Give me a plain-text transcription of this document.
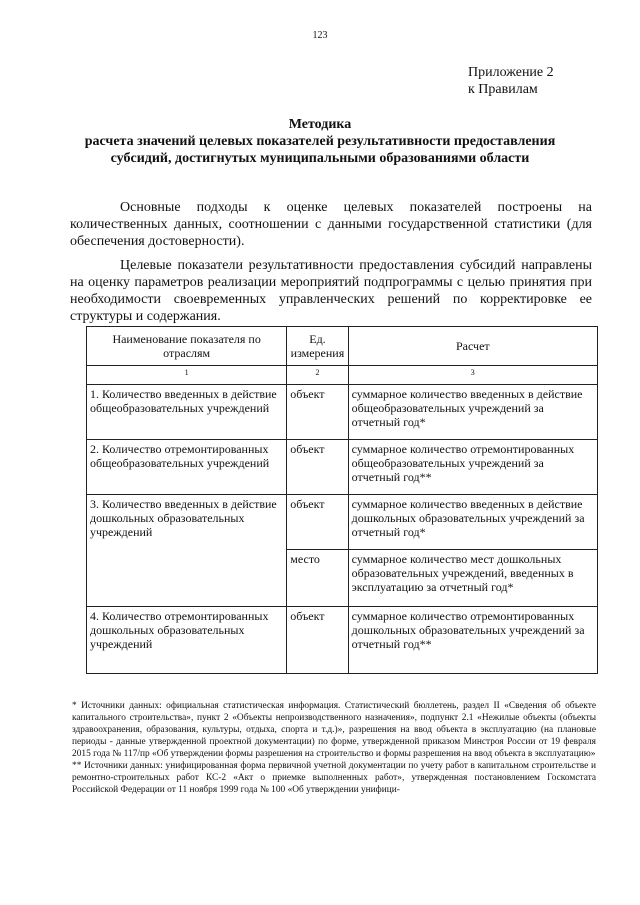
123
Приложение 2
к Правилам
Методика
расчета значений целевых показателей результативности предоставления
субсидий, достигнутых муниципальными образованиями области
Основные подходы к оценке целевых показателей построены на количественных данных, соотношении с данными государственной статистики (для обеспечения достоверности).
Целевые показатели результативности предоставления субсидий направлены на оценку параметров реализации мероприятий подпрограммы с целью принятия при необходимости своевременных управленческих решений по корректировке ее структуры и содержания.
Наименование показателя по отраслям	Ед. измерения	Расчет
1	2	3
1. Количество введенных в действие общеобразовательных учреждений	объект	суммарное количество введенных в действие общеобразовательных учреждений за отчетный год*
2. Количество отремонтированных общеобразовательных учреждений	объект	суммарное количество отремонтированных общеобразовательных учреждений за отчетный год**
3. Количество введенных в действие дошкольных образовательных учреждений	объект	суммарное количество введенных в действие дошкольных образовательных учреждений за отчетный год*
	место	суммарное количество мест дошкольных образовательных учреждений, введенных в эксплуатацию за отчетный год*
4. Количество отремонтированных дошкольных образовательных учреждений	объект	суммарное количество отремонтированных дошкольных образовательных учреждений за отчетный год**

* Источники данных: официальная статистическая информация. Статистический бюллетень, раздел II «Сведения об объекте капитального строительства», пункт 2 «Объекты непроизводственного назначения», подпункт 2.1 «Нежилые объекты (объекты здравоохранения, образования, культуры, отдыха, спорта и т.д.)», разрешения на ввод объекта в эксплуатацию (на плановые периоды - данные утвержденной проектной документации) по форме, утвержденной приказом Минстроя России от 19 февраля 2015 года № 117/пр «Об утверждении формы разрешения на строительство и формы разрешения на ввод объекта в эксплуатацию»

** Источники данных: унифицированная форма первичной учетной документации по учету работ в капитальном строительстве и ремонтно-строительных работ КС-2 «Акт о приемке выполненных работ», утвержденная постановлением Госкомстата Российской Федерации от 11 ноября 1999 года № 100 «Об утверждении унифици-
